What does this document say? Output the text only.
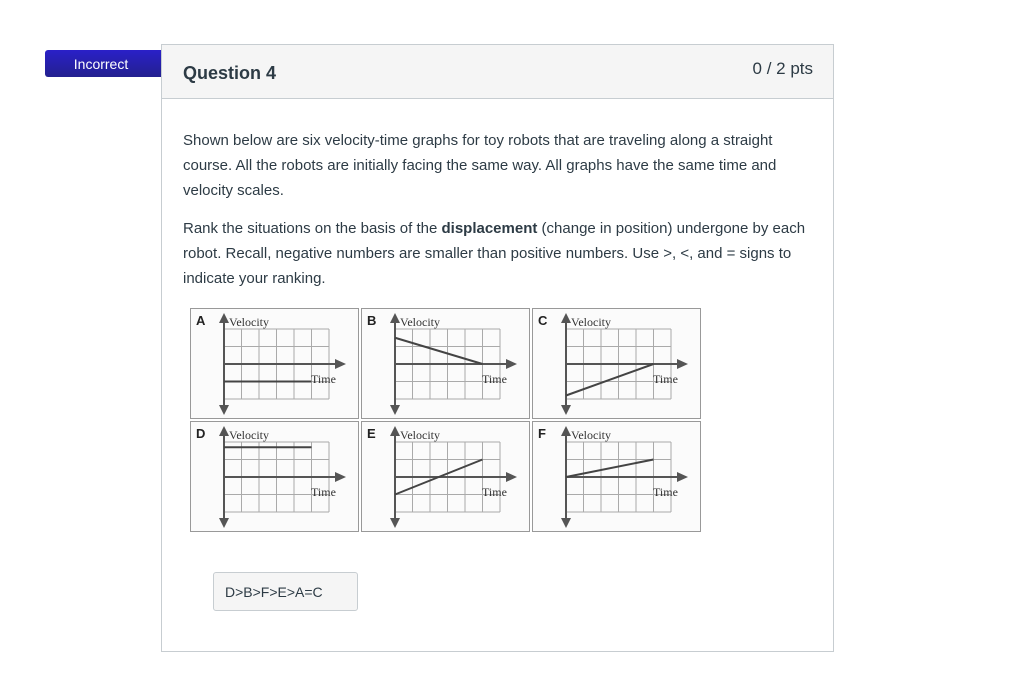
Incorrect	Question 4	0 / 2 pts
Shown below are six velocity-time graphs for toy robots that are traveling along a straight course. All the robots are initially facing the same way. All graphs have the same time and velocity scales.
Rank the situations on the basis of the displacement (change in position) undergone by each robot. Recall, negative numbers are smaller than positive numbers. Use >, <, and = signs to indicate your ranking.
A Velocity
Time
B Velocity
Time
C Velocity
Time
D Velocity
Time
E Velocity
Time
F Velocity
Time
D>B>F>E>A=C
